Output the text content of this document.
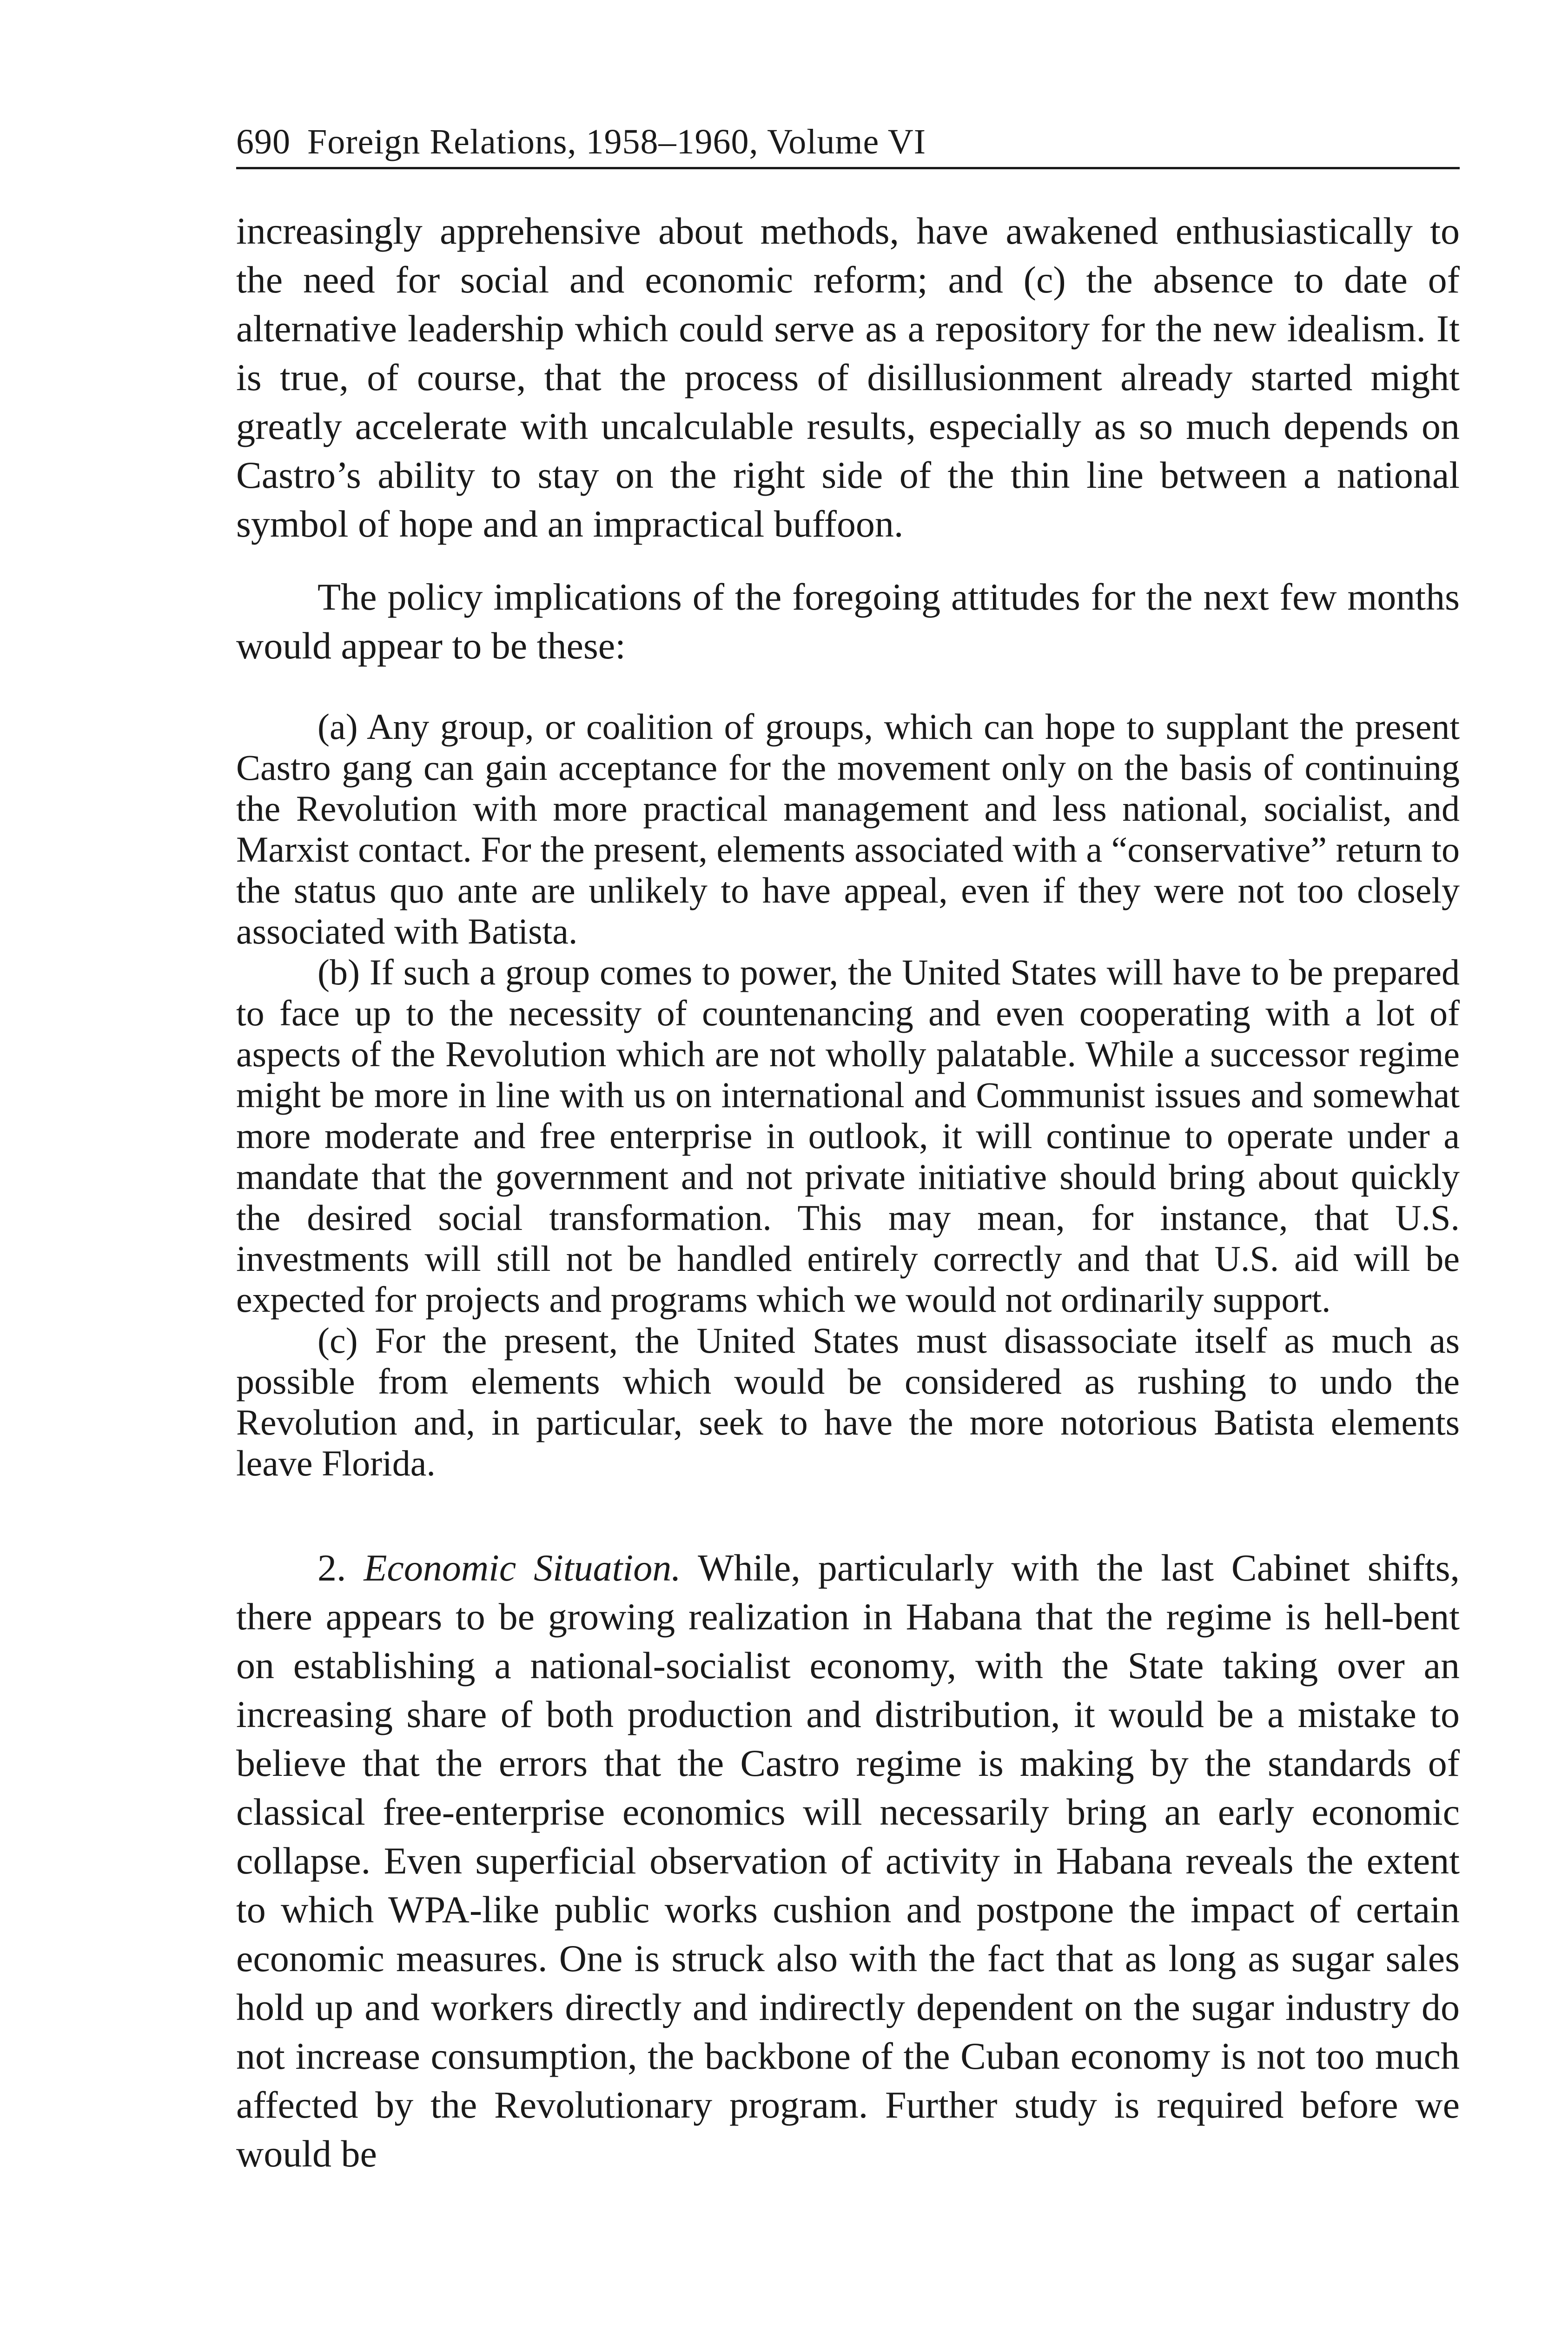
690 Foreign Relations, 1958–1960, Volume VI

increasingly apprehensive about methods, have awakened enthusiastically to the need for social and economic reform; and (c) the absence to date of alternative leadership which could serve as a repository for the new idealism. It is true, of course, that the process of disillusionment already started might greatly accelerate with uncalculable results, especially as so much depends on Castro’s ability to stay on the right side of the thin line between a national symbol of hope and an impractical buffoon.

The policy implications of the foregoing attitudes for the next few months would appear to be these:

(a) Any group, or coalition of groups, which can hope to supplant the present Castro gang can gain acceptance for the movement only on the basis of continuing the Revolution with more practical management and less national, socialist, and Marxist contact. For the present, elements associated with a “conservative” return to the status quo ante are unlikely to have appeal, even if they were not too closely associated with Batista.

(b) If such a group comes to power, the United States will have to be prepared to face up to the necessity of countenancing and even cooperating with a lot of aspects of the Revolution which are not wholly palatable. While a successor regime might be more in line with us on international and Communist issues and somewhat more moderate and free enterprise in outlook, it will continue to operate under a mandate that the government and not private initiative should bring about quickly the desired social transformation. This may mean, for instance, that U.S. investments will still not be handled entirely correctly and that U.S. aid will be expected for projects and programs which we would not ordinarily support.

(c) For the present, the United States must disassociate itself as much as possible from elements which would be considered as rushing to undo the Revolution and, in particular, seek to have the more notorious Batista elements leave Florida.

2. Economic Situation. While, particularly with the last Cabinet shifts, there appears to be growing realization in Habana that the regime is hell-bent on establishing a national-socialist economy, with the State taking over an increasing share of both production and distribution, it would be a mistake to believe that the errors that the Castro regime is making by the standards of classical free-enterprise economics will necessarily bring an early economic collapse. Even superficial observation of activity in Habana reveals the extent to which WPA-like public works cushion and postpone the impact of certain economic measures. One is struck also with the fact that as long as sugar sales hold up and workers directly and indirectly dependent on the sugar industry do not increase consumption, the backbone of the Cuban economy is not too much affected by the Revolutionary program. Further study is required before we would be
